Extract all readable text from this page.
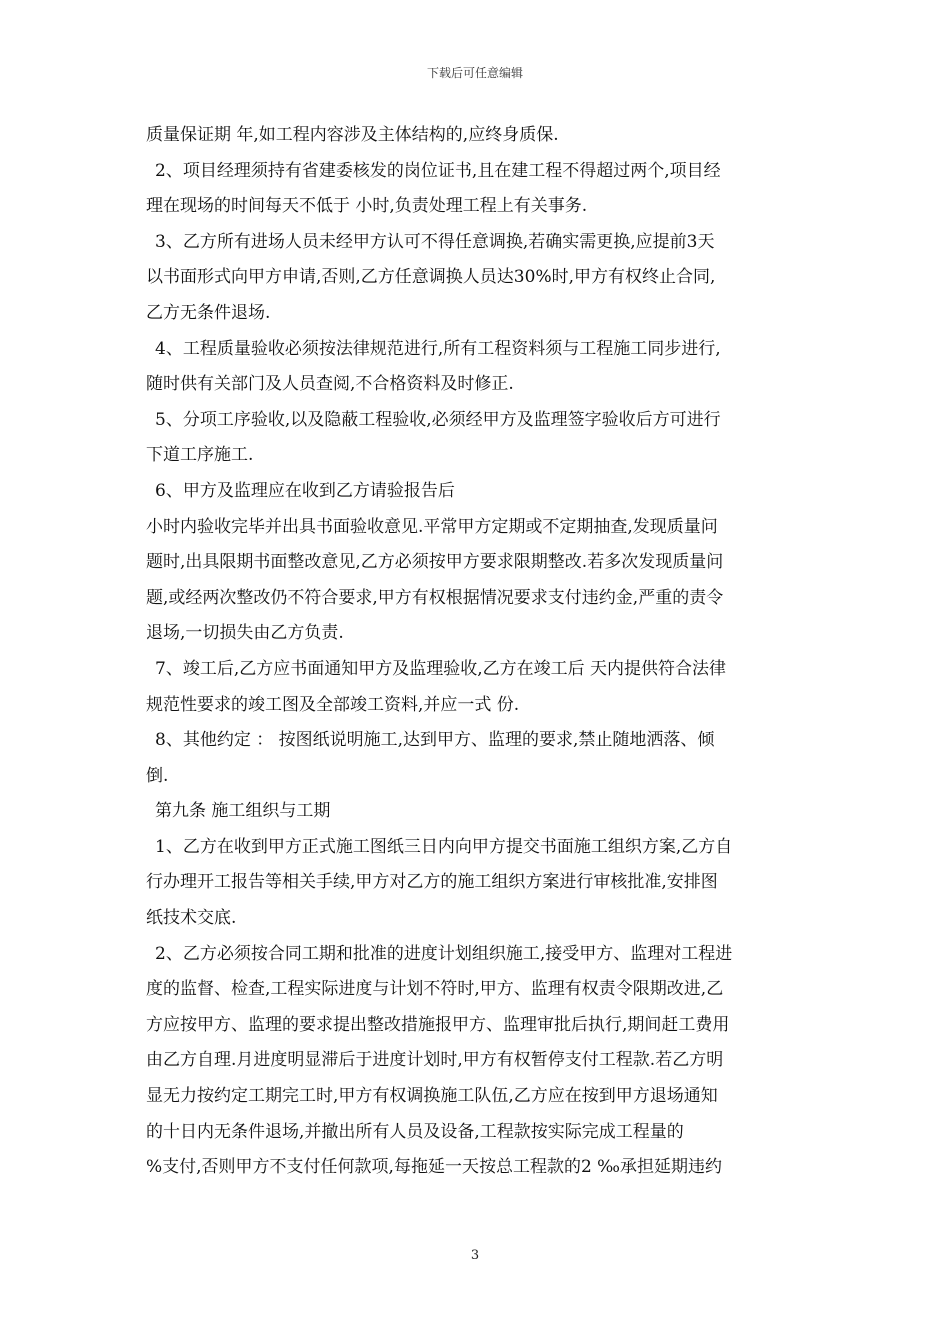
下载后可任意编辑
质量保证期 年,如工程内容涉及主体结构的,应终身质保.
2、项目经理须持有省建委核发的岗位证书,且在建工程不得超过两个,项目经
理在现场的时间每天不低于 小时,负责处理工程上有关事务.
3、乙方所有进场人员未经甲方认可不得任意调换,若确实需更换,应提前3天
以书面形式向甲方申请,否则,乙方任意调换人员达30%时,甲方有权终止合同,
乙方无条件退场.
4、工程质量验收必须按法律规范进行,所有工程资料须与工程施工同步进行,
随时供有关部门及人员查阅,不合格资料及时修正.
5、分项工序验收,以及隐蔽工程验收,必须经甲方及监理签字验收后方可进行
下道工序施工.
6、甲方及监理应在收到乙方请验报告后
小时内验收完毕并出具书面验收意见.平常甲方定期或不定期抽查,发现质量问
题时,出具限期书面整改意见,乙方必须按甲方要求限期整改.若多次发现质量问
题,或经两次整改仍不符合要求,甲方有权根据情况要求支付违约金,严重的责令
退场,一切损失由乙方负责.
7、竣工后,乙方应书面通知甲方及监理验收,乙方在竣工后 天内提供符合法律
规范性要求的竣工图及全部竣工资料,并应一式 份.
8、其他约定 ： 按图纸说明施工,达到甲方、监理的要求,禁止随地洒落、倾
倒.
第九条 施工组织与工期
1、乙方在收到甲方正式施工图纸三日内向甲方提交书面施工组织方案,乙方自
行办理开工报告等相关手续,甲方对乙方的施工组织方案进行审核批准,安排图
纸技术交底.
2、乙方必须按合同工期和批准的进度计划组织施工,接受甲方、监理对工程进
度的监督、检查,工程实际进度与计划不符时,甲方、监理有权责令限期改进,乙
方应按甲方、监理的要求提出整改措施报甲方、监理审批后执行,期间赶工费用
由乙方自理.月进度明显滞后于进度计划时,甲方有权暂停支付工程款.若乙方明
显无力按约定工期完工时,甲方有权调换施工队伍,乙方应在按到甲方退场通知
的十日内无条件退场,并撤出所有人员及设备,工程款按实际完成工程量的
%支付,否则甲方不支付任何款项,每拖延一天按总工程款的2 ‰承担延期违约
3
